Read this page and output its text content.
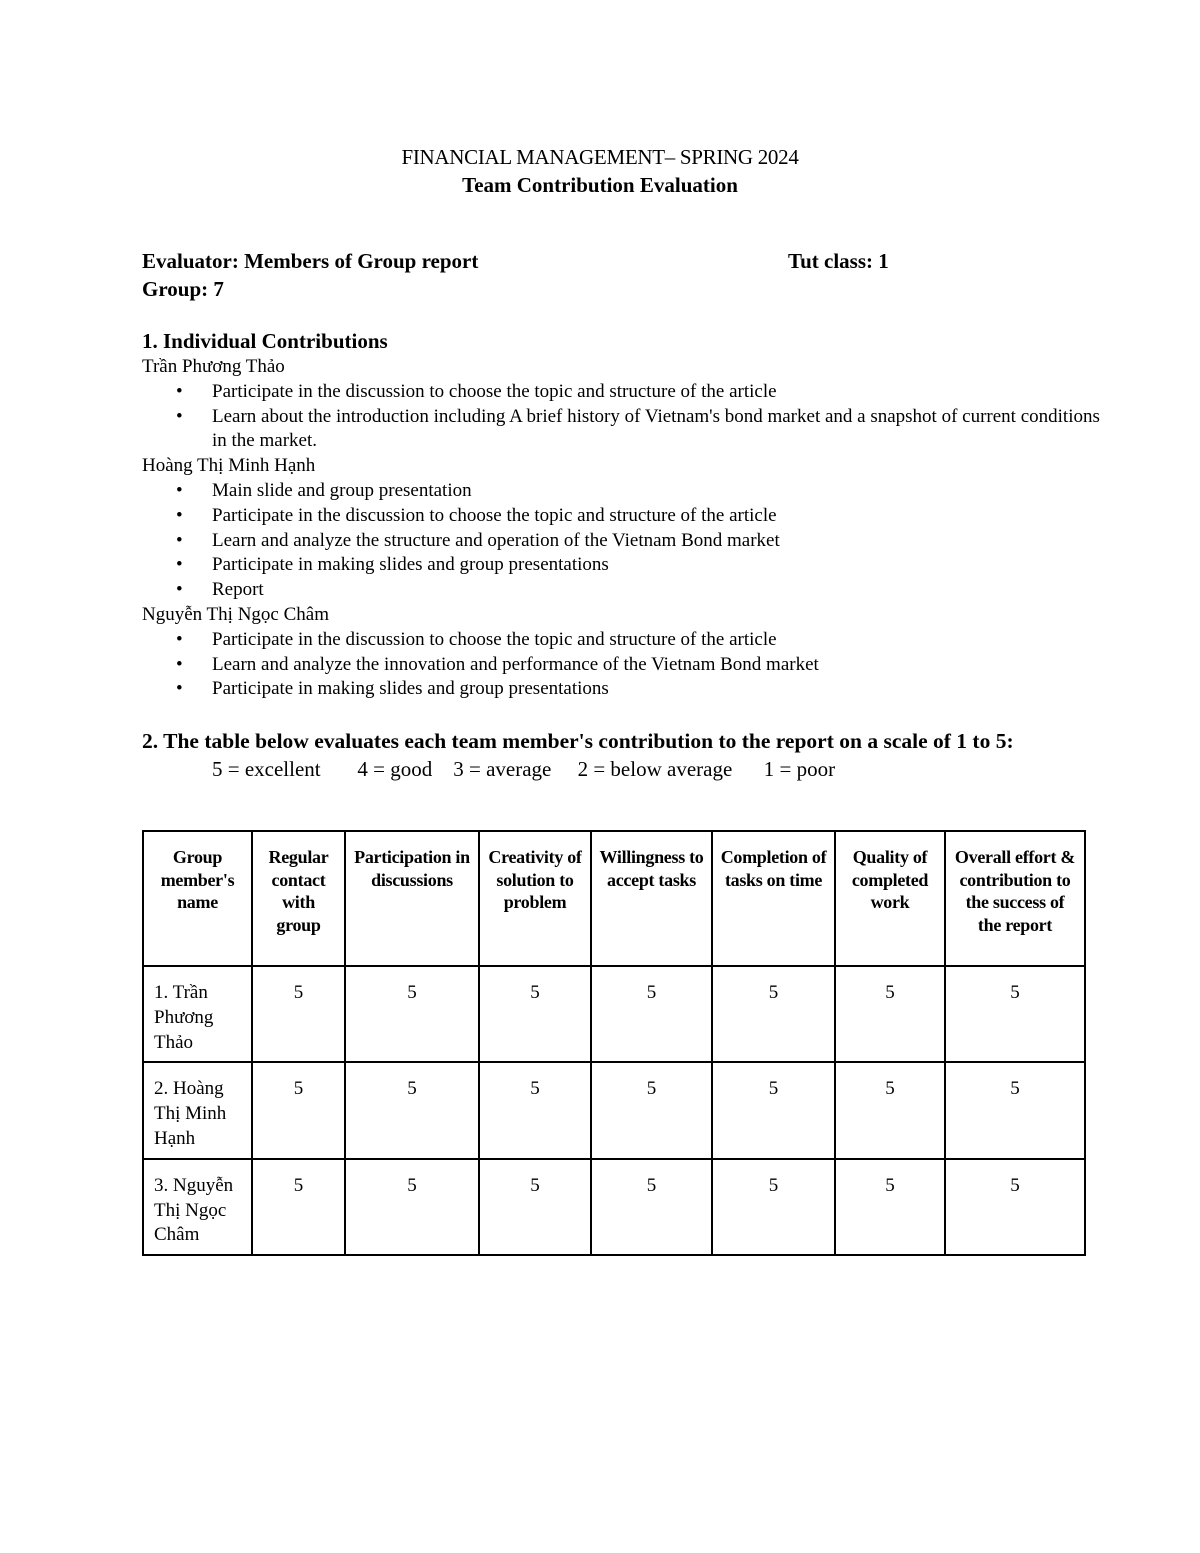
FINANCIAL MANAGEMENT– SPRING 2024
Team Contribution Evaluation
Evaluator: Members of Group report	Tut class: 1
Group: 7
1. Individual Contributions
Trần Phương Thảo
• Participate in the discussion to choose the topic and structure of the article
• Learn about the introduction including A brief history of Vietnam's bond market and a snapshot of current conditions in the market.
Hoàng Thị Minh Hạnh
• Main slide and group presentation
• Participate in the discussion to choose the topic and structure of the article
• Learn and analyze the structure and operation of the Vietnam Bond market
• Participate in making slides and group presentations
• Report
Nguyễn Thị Ngọc Châm
• Participate in the discussion to choose the topic and structure of the article
• Learn and analyze the innovation and performance of the Vietnam Bond market
• Participate in making slides and group presentations
2. The table below evaluates each team member's contribution to the report on a scale of 1 to 5:
5 = excellent       4 = good    3 = average     2 = below average      1 = poor
Group member's name	Regular contact with group	Participation in discussions	Creativity of solution to problem	Willingness to accept tasks	Completion of tasks on time	Quality of completed work	Overall effort & contribution to the success of the report
1. Trần Phương Thảo	5	5	5	5	5	5	5
2. Hoàng Thị Minh Hạnh	5	5	5	5	5	5	5
3. Nguyễn Thị Ngọc Châm	5	5	5	5	5	5	5
